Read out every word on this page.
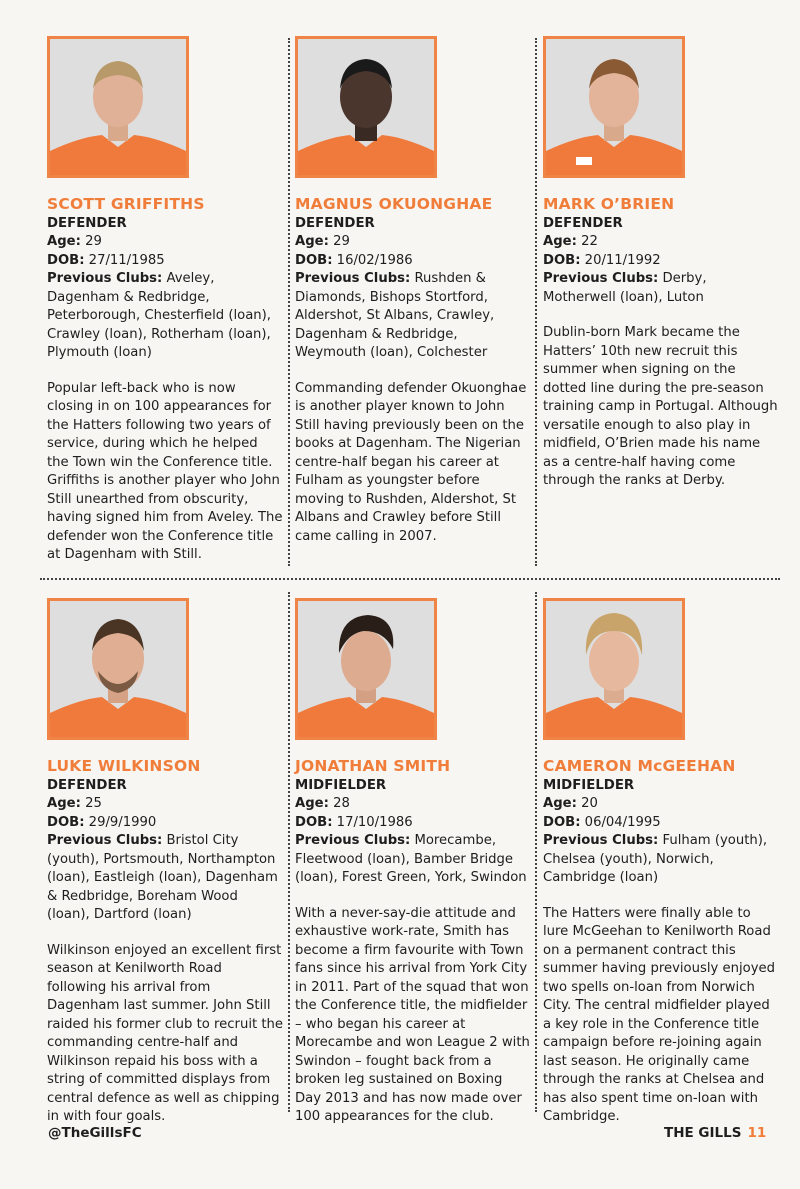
SCOTT GRIFFITHS
DEFENDER
Age: 29
DOB: 27/11/1985
Previous Clubs: Aveley, Dagenham & Redbridge, Peterborough, Chesterfield (loan), Crawley (loan), Rotherham (loan), Plymouth (loan)
Popular left-back who is now closing in on 100 appearances for the Hatters following two years of service, during which he helped the Town win the Conference title. Griffiths is another player who John Still unearthed from obscurity, having signed him from Aveley. The defender won the Conference title at Dagenham with Still.
MAGNUS OKUONGHAE
DEFENDER
Age: 29
DOB: 16/02/1986
Previous Clubs: Rushden & Diamonds, Bishops Stortford, Aldershot, St Albans, Crawley, Dagenham & Redbridge, Weymouth (loan), Colchester
Commanding defender Okuonghae is another player known to John Still having previously been on the books at Dagenham. The Nigerian centre-half began his career at Fulham as youngster before moving to Rushden, Aldershot, St Albans and Crawley before Still came calling in 2007.
MARK O’BRIEN
DEFENDER
Age: 22
DOB: 20/11/1992
Previous Clubs: Derby, Motherwell (loan), Luton
Dublin-born Mark became the Hatters’ 10th new recruit this summer when signing on the dotted line during the pre-season training camp in Portugal. Although versatile enough to also play in midfield, O’Brien made his name as a centre-half having come through the ranks at Derby.
LUKE WILKINSON
DEFENDER
Age: 25
DOB: 29/9/1990
Previous Clubs: Bristol City (youth), Portsmouth, Northampton (loan), Eastleigh (loan), Dagenham & Redbridge, Boreham Wood (loan), Dartford (loan)
Wilkinson enjoyed an excellent first season at Kenilworth Road following his arrival from Dagenham last summer. John Still raided his former club to recruit the commanding centre-half and Wilkinson repaid his boss with a string of committed displays from central defence as well as chipping in with four goals.
JONATHAN SMITH
MIDFIELDER
Age: 28
DOB: 17/10/1986
Previous Clubs: Morecambe, Fleetwood (loan), Bamber Bridge (loan), Forest Green, York, Swindon
With a never-say-die attitude and exhaustive work-rate, Smith has become a firm favourite with Town fans since his arrival from York City in 2011. Part of the squad that won the Conference title, the midfielder – who began his career at Morecambe and won League 2 with Swindon – fought back from a broken leg sustained on Boxing Day 2013 and has now made over 100 appearances for the club.
CAMERON McGEEHAN
MIDFIELDER
Age: 20
DOB: 06/04/1995
Previous Clubs: Fulham (youth), Chelsea (youth), Norwich, Cambridge (loan)
The Hatters were finally able to lure McGeehan to Kenilworth Road on a permanent contract this summer having previously enjoyed two spells on-loan from Norwich City. The central midfielder played a key role in the Conference title campaign before re-joining again last season. He originally came through the ranks at Chelsea and has also spent time on-loan with Cambridge.
@TheGillsFC	THE GILLS 11
